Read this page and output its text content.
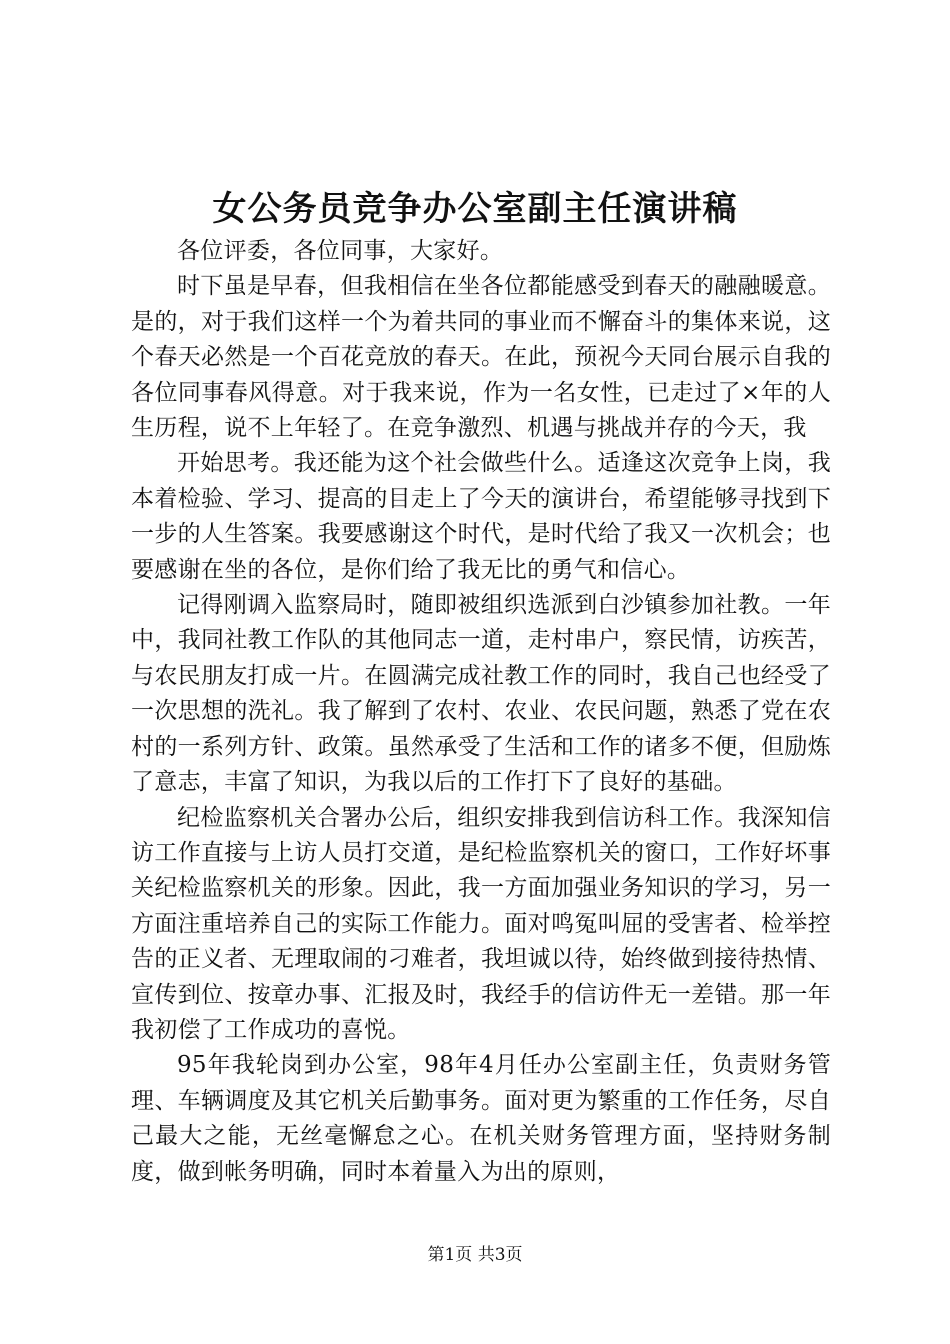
女公务员竞争办公室副主任演讲稿

各位评委，各位同事，大家好。

时下虽是早春，但我相信在坐各位都能感受到春天的融融暖意。是的，对于我们这样一个为着共同的事业而不懈奋斗的集体来说，这个春天必然是一个百花竞放的春天。在此，预祝今天同台展示自我的各位同事春风得意。对于我来说，作为一名女性，已走过了×年的人生历程，说不上年轻了。在竞争激烈、机遇与挑战并存的今天，我

开始思考。我还能为这个社会做些什么。适逢这次竞争上岗，我本着检验、学习、提高的目走上了今天的演讲台，希望能够寻找到下一步的人生答案。我要感谢这个时代，是时代给了我又一次机会；也要感谢在坐的各位，是你们给了我无比的勇气和信心。

记得刚调入监察局时，随即被组织选派到白沙镇参加社教。一年中，我同社教工作队的其他同志一道，走村串户，察民情，访疾苦，与农民朋友打成一片。在圆满完成社教工作的同时，我自己也经受了一次思想的洗礼。我了解到了农村、农业、农民问题，熟悉了党在农村的一系列方针、政策。虽然承受了生活和工作的诸多不便，但励炼了意志，丰富了知识，为我以后的工作打下了良好的基础。

纪检监察机关合署办公后，组织安排我到信访科工作。我深知信访工作直接与上访人员打交道，是纪检监察机关的窗口，工作好坏事关纪检监察机关的形象。因此，我一方面加强业务知识的学习，另一方面注重培养自己的实际工作能力。面对鸣冤叫屈的受害者、检举控告的正义者、无理取闹的刁难者，我坦诚以待，始终做到接待热情、宣传到位、按章办事、汇报及时，我经手的信访件无一差错。那一年我初偿了工作成功的喜悦。

95年我轮岗到办公室，98年4月任办公室副主任，负责财务管理、车辆调度及其它机关后勤事务。面对更为繁重的工作任务，尽自己最大之能，无丝毫懈怠之心。在机关财务管理方面，坚持财务制度，做到帐务明确，同时本着量入为出的原则，

第1页 共3页
